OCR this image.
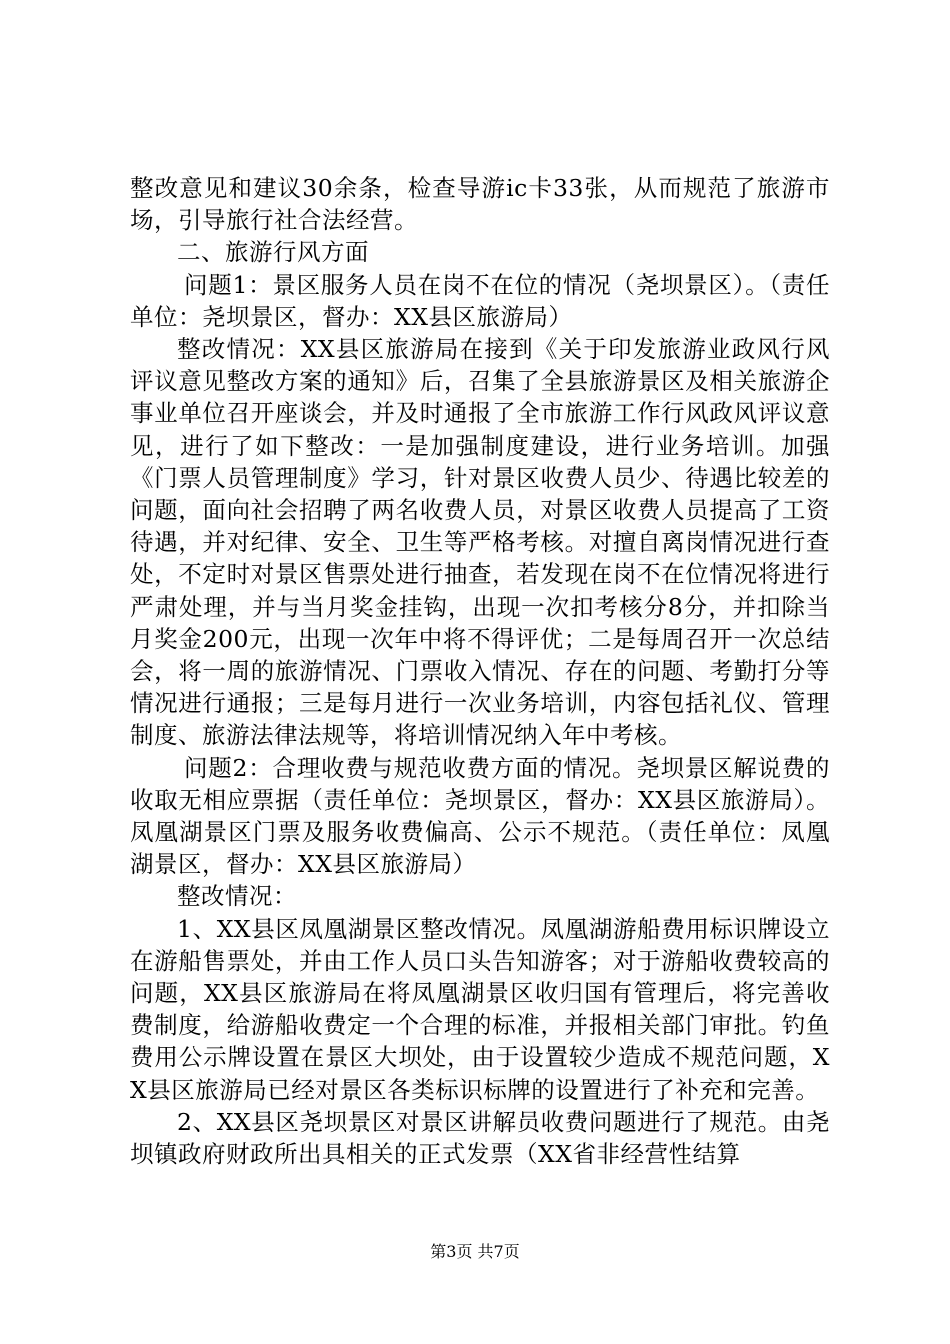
整改意见和建议30余条，检查导游ic卡33张，从而规范了旅游市场，引导旅行社合法经营。

二、旅游行风方面

问题1：景区服务人员在岗不在位的情况（尧坝景区）。（责任单位：尧坝景区，督办：XX县区旅游局）

整改情况：XX县区旅游局在接到《关于印发旅游业政风行风评议意见整改方案的通知》后，召集了全县旅游景区及相关旅游企事业单位召开座谈会，并及时通报了全市旅游工作行风政风评议意见，进行了如下整改：一是加强制度建设，进行业务培训。加强《门票人员管理制度》学习，针对景区收费人员少、待遇比较差的问题，面向社会招聘了两名收费人员，对景区收费人员提高了工资待遇，并对纪律、安全、卫生等严格考核。对擅自离岗情况进行查处，不定时对景区售票处进行抽查，若发现在岗不在位情况将进行严肃处理，并与当月奖金挂钩，出现一次扣考核分8分，并扣除当月奖金200元，出现一次年中将不得评优；二是每周召开一次总结会，将一周的旅游情况、门票收入情况、存在的问题、考勤打分等情况进行通报；三是每月进行一次业务培训，内容包括礼仪、管理制度、旅游法律法规等，将培训情况纳入年中考核。

问题2：合理收费与规范收费方面的情况。尧坝景区解说费的收取无相应票据（责任单位：尧坝景区，督办：XX县区旅游局）。凤凰湖景区门票及服务收费偏高、公示不规范。（责任单位：凤凰湖景区，督办：XX县区旅游局）

整改情况：

1、XX县区凤凰湖景区整改情况。凤凰湖游船费用标识牌设立在游船售票处，并由工作人员口头告知游客；对于游船收费较高的问题，XX县区旅游局在将凤凰湖景区收归国有管理后，将完善收费制度，给游船收费定一个合理的标准，并报相关部门审批。钓鱼费用公示牌设置在景区大坝处，由于设置较少造成不规范问题，XX县区旅游局已经对景区各类标识标牌的设置进行了补充和完善。

2、XX县区尧坝景区对景区讲解员收费问题进行了规范。由尧坝镇政府财政所出具相关的正式发票（XX省非经营性结算

第3页 共7页
